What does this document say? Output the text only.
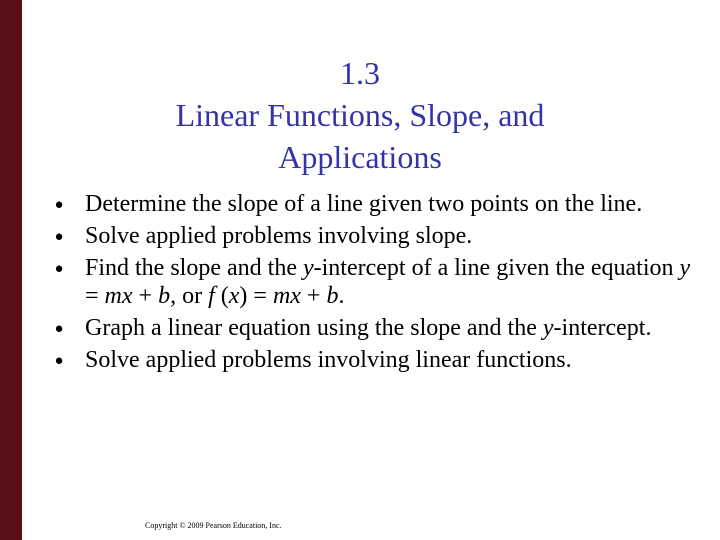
1.3
Linear Functions, Slope, and
Applications
● Determine the slope of a line given two points on the line.
● Solve applied problems involving slope.
● Find the slope and the y-intercept of a line given the equation y = mx + b, or f (x) = mx + b.
● Graph a linear equation using the slope and the y-intercept.
● Solve applied problems involving linear functions.
Copyright © 2009 Pearson Education, Inc.
